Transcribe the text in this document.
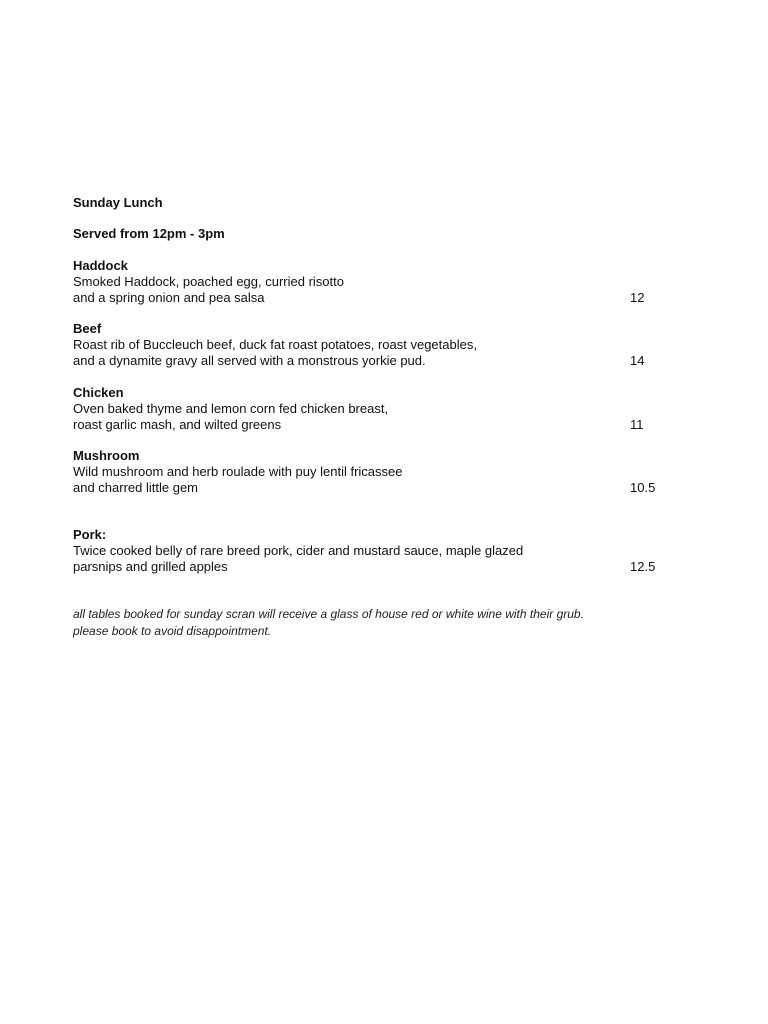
Sunday Lunch
Served from 12pm - 3pm
Haddock
Smoked Haddock, poached egg, curried risotto
and a spring onion and pea salsa	12
Beef
Roast rib of Buccleuch beef, duck fat roast potatoes, roast vegetables,
and a dynamite gravy all served with a monstrous yorkie pud.	14
Chicken
Oven baked thyme and lemon corn fed chicken breast,
roast garlic mash, and wilted greens	11
Mushroom
Wild mushroom and herb roulade with puy lentil fricassee
and charred little gem	10.5
Pork:
Twice cooked belly of rare breed pork, cider and mustard sauce, maple glazed
parsnips and grilled apples	12.5
all tables booked for sunday scran will receive a glass of house red or white wine with their grub.
please book to avoid disappointment.
